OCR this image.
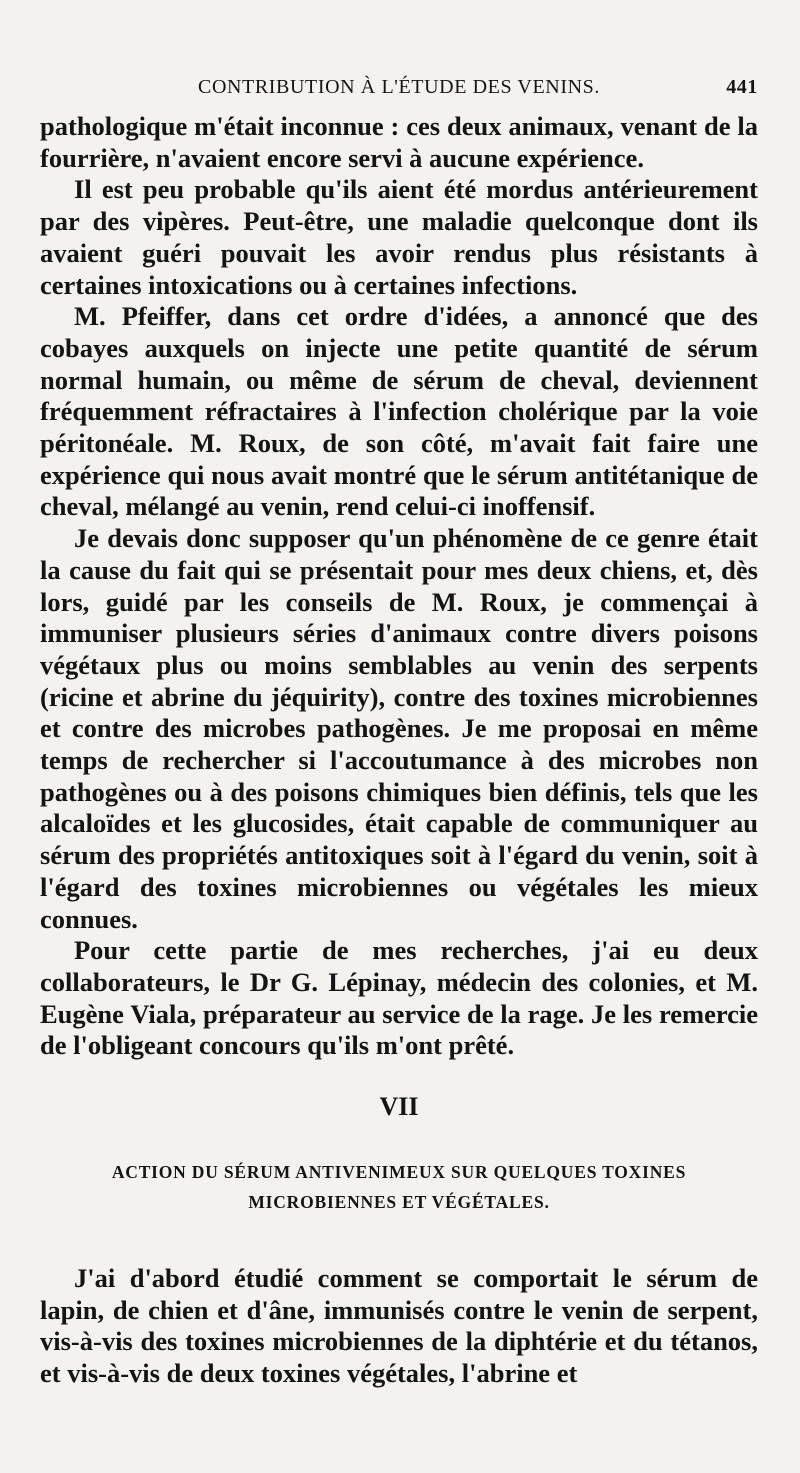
CONTRIBUTION À L'ÉTUDE DES VENINS.	441

pathologique m'était inconnue : ces deux animaux, venant de la fourrière, n'avaient encore servi à aucune expérience.

Il est peu probable qu'ils aient été mordus antérieurement par des vipères. Peut-être, une maladie quelconque dont ils avaient guéri pouvait les avoir rendus plus résistants à certaines intoxications ou à certaines infections.

M. Pfeiffer, dans cet ordre d'idées, a annoncé que des cobayes auxquels on injecte une petite quantité de sérum normal humain, ou même de sérum de cheval, deviennent fréquemment réfractaires à l'infection cholérique par la voie péritonéale. M. Roux, de son côté, m'avait fait faire une expérience qui nous avait montré que le sérum antitétanique de cheval, mélangé au venin, rend celui-ci inoffensif.

Je devais donc supposer qu'un phénomène de ce genre était la cause du fait qui se présentait pour mes deux chiens, et, dès lors, guidé par les conseils de M. Roux, je commençai à immuniser plusieurs séries d'animaux contre divers poisons végétaux plus ou moins semblables au venin des serpents (ricine et abrine du jéquirity), contre des toxines microbiennes et contre des microbes pathogènes. Je me proposai en même temps de rechercher si l'accoutumance à des microbes non pathogènes ou à des poisons chimiques bien définis, tels que les alcaloïdes et les glucosides, était capable de communiquer au sérum des propriétés antitoxiques soit à l'égard du venin, soit à l'égard des toxines microbiennes ou végétales les mieux connues.

Pour cette partie de mes recherches, j'ai eu deux collaborateurs, le Dr G. Lépinay, médecin des colonies, et M. Eugène Viala, préparateur au service de la rage. Je les remercie de l'obligeant concours qu'ils m'ont prêté.

VII
ACTION DU SÉRUM ANTIVENIMEUX SUR QUELQUES TOXINES
MICROBIENNES ET VÉGÉTALES.

J'ai d'abord étudié comment se comportait le sérum de lapin, de chien et d'âne, immunisés contre le venin de serpent, vis-à-vis des toxines microbiennes de la diphtérie et du tétanos, et vis-à-vis de deux toxines végétales, l'abrine et
